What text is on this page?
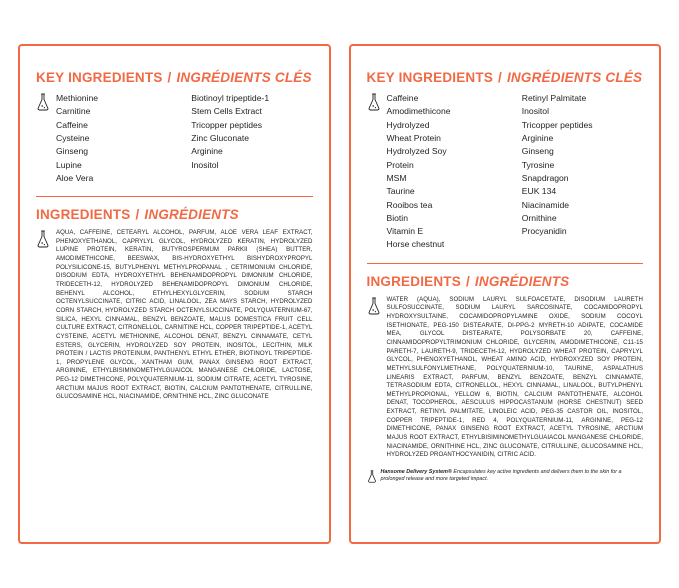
KEY INGREDIENTS / INGRÉDIENTS CLÉS
Methionine
Carnitine
Caffeine
Cysteine
Ginseng
Lupine
Aloe Vera
Biotinoyl tripeptide-1
Stem Cells Extract
Tricopper peptides
Zinc Gluconate
Arginine
Inositol
INGREDIENTS / INGRÉDIENTS
AQUA, CAFFEINE, CETEARYL ALCOHOL, PARFUM, ALOE VERA LEAF EXTRACT, PHENOXYETHANOL, CAPRYLYL GLYCOL, HYDROLYZED KERATIN, HYDROLYZED LUPINE PROTEIN, KERATIN, BUTYROSPERMUM PARKII (SHEA) BUTTER, AMODIMETHICONE, BEESWAX, BIS-HYDROXYETHYL BISHYDROXYPROPYL POLYSILICONE-15, BUTYLPHENYL METHYLPROPANAL , CETRIMONIUM CHLORIDE, DISODIUM EDTA, HYDROXYETHYL BEHENAMIDOPROPYL DIMONIUM CHLORIDE, TRIDECETH-12, HYDROLYZED BEHENAMIDOPROPYL DIMONIUM CHLORIDE, BEHENYL ALCOHOL, ETHYLHEXYLGLYCERIN, SODIUM STARCH OCTENYLSUCCINATE, CITRIC ACID, LINALOOL, ZEA MAYS STARCH, HYDROLYZED CORN STARCH, HYDROLYZED STARCH OCTENYLSUCCINATE, POLYQUATERNIUM-67, SILICA, HEXYL CINNAMAL, BENZYL BENZOATE, MALUS DOMESTICA FRUIT CELL CULTURE EXTRACT, CITRONELLOL, CARNITINE HCL, COPPER TRIPEPTIDE-1, ACETYL CYSTEINE, ACETYL METHIONINE, ALCOHOL DENAT, BENZYL CINNAMATE, CETYL ESTERS, GLYCERIN, HYDROLYZED SOY PROTEIN, INOSITOL, LECITHIN, MILK PROTEIN / LACTIS PROTEINUM, PANTHENYL ETHYL ETHER, BIOTINOYL TRIPEPTIDE-1, PROPYLENE GLYCOL, XANTHAM GUM, PANAX GINSENG ROOT EXTRACT, ARGININE, ETHYLBISIMINOMETHYLGUAICOL MANGANESE CHLORIDE, LACTOSE, PEG-12 DIMETHICONE, POLYQUATERNIUM-11, SODIUM CITRATE, ACETYL TYROSINE, ARCTIUM MAJUS ROOT EXTRACT, BIOTIN, CALCIUM PANTOTHENATE, CITRULLINE, GLUCOSAMINE HCL, NIACINAMIDE, ORNITHINE HCL, ZINC GLUCONATE
KEY INGREDIENTS / INGRÉDIENTS CLÉS
Caffeine
Amodimethicone
Hydrolyzed
Wheat Protein
Hydrolyzed Soy
Protein
MSM
Taurine
Rooibos tea
Biotin
Vitamin E
Horse chestnut
Retinyl Palmitate
Inositol
Tricopper peptides
Arginine
Ginseng
Tyrosine
Snapdragon
EUK 134
Niacinamide
Ornithine
Procyanidin
INGREDIENTS / INGRÉDIENTS
WATER (AQUA), SODIUM LAURYL SULFOACETATE, DISODIUM LAURETH SULFOSUCCINATE, SODIUM LAURYL SARCOSINATE, COCAMIDOPROPYL HYDROXYSULTAINE, COCAMIDOPROPYLAMINE OXIDE, SODIUM COCOYL ISETHIONATE, PEG-150 DISTEARATE, DI-PPG-2 MYRETH-10 ADIPATE, COCAMIDE MEA, GLYCOL DISTEARATE, POLYSORBATE 20, CAFFEINE, CINNAMIDOPROPYLTRIMONIUM CHLORIDE, GLYCERIN, AMODIMETHICONE, C11-15 PARETH-7, LAURETH-9, TRIDECETH-12, HYDROLYZED WHEAT PROTEIN, CAPRYLYL GLYCOL, PHENOXYETHANOL, WHEAT AMINO ACID, HYDROXYZED SOY PROTEIN, METHYLSULFONYLMETHANE, POLYQUATERNIUM-10, TAURINE, ASPALATHUS LINEARIS EXTRACT, PARFUM, BENZYL BENZOATE, BENZYL CINNAMATE, TETRASODIUM EDTA, CITRONELLOL, HEXYL CINNAMAL, LINALOOL, BUTYLPHENYL METHYLPROPIONAL, YELLOW 6, BIOTIN, CALCIUM PANTOTHENATE, ALCOHOL DENAT, TOCOPHEROL, AESCULUS HIPPOCASTANUM (HORSE CHESTNUT) SEED EXTRACT, RETINYL PALMITATE, LINOLEIC ACID, PEG-35 CASTOR OIL, INOSITOL, COPPER TRIPEPTIDE-1, RED 4, POLYQUATERNIUM-11, ARGININE, PEG-12 DIMETHICONE, PANAX GINSENG ROOT EXTRACT, ACETYL TYROSINE, ARCTIUM MAJUS ROOT EXTRACT, ETHYLBISIMINOMETHYLGUAIACOL MANGANESE CHLORIDE, NIACINAMIDE, ORNITHINE HCL, ZINC GLUCONATE, CITRULLINE, GLUCOSAMINE HCL, HYDROLYZED PROANTHOCYANIDIN, CITRIC ACID.
Hansome Delivery System® Encapsulates key active ingredients and delivers them to the skin for a prolonged release and more targeted impact.
